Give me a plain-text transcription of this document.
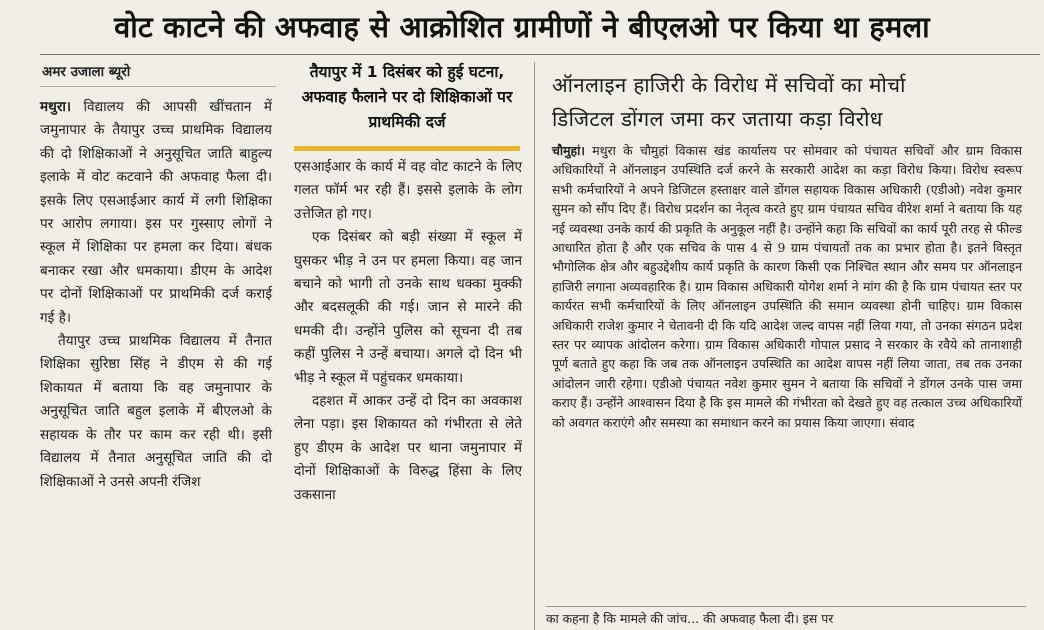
वोट काटने की अफवाह से आक्रोशित ग्रामीणों ने बीएलओ पर किया था हमला
अमर उजाला ब्यूरो

मथुरा। विद्यालय की आपसी खींचतान में जमुनापार के तैयापुर उच्च प्राथमिक विद्यालय की दो शिक्षिकाओं ने अनुसूचित जाति बाहुल्य इलाके में वोट कटवाने की अफवाह फैला दी। इसके लिए एसआईआर कार्य में लगी शिक्षिका पर आरोप लगाया। इस पर गुस्साए लोगों ने स्कूल में शिक्षिका पर हमला कर दिया। बंधक बनाकर रखा और धमकाया। डीएम के आदेश पर दोनों शिक्षिकाओं पर प्राथमिकी दर्ज कराई गई है।

तैयापुर उच्च प्राथमिक विद्यालय में तैनात शिक्षिका सुरिष्ठा सिंह ने डीएम से की गई शिकायत में बताया कि वह जमुनापार के अनुसूचित जाति बहुल इलाके में बीएलओ के सहायक के तौर पर काम कर रही थी। इसी विद्यालय में तैनात अनुसूचित जाति की दो शिक्षिकाओं ने उनसे अपनी रंजिश

तैयापुर में 1 दिसंबर को हुई घटना, अफवाह फैलाने पर दो शिक्षिकाओं पर प्राथमिकी दर्ज

एसआईआर के कार्य में वह वोट काटने के लिए गलत फॉर्म भर रही हैं। इससे इलाके के लोग उत्तेजित हो गए।

एक दिसंबर को बड़ी संख्या में स्कूल में घुसकर भीड़ ने उन पर हमला किया। वह जान बचाने को भागी तो उनके साथ धक्का मुक्की और बदसलूकी की गई। जान से मारने की धमकी दी। उन्होंने पुलिस को सूचना दी तब कहीं पुलिस ने उन्हें बचाया। अगले दो दिन भी भीड़ ने स्कूल में पहुंचकर धमकाया।

दहशत में आकर उन्हें दो दिन का अवकाश लेना पड़ा। इस शिकायत को गंभीरता से लेते हुए डीएम के आदेश पर थाना जमुनापार में दोनों शिक्षिकाओं के विरुद्ध हिंसा के लिए उकसाना

ऑनलाइन हाजिरी के विरोध में सचिवों का मोर्चा
डिजिटल डोंगल जमा कर जताया कड़ा विरोध

चौमुहां। मथुरा के चौमुहां विकास खंड कार्यालय पर सोमवार को पंचायत सचिवों और ग्राम विकास अधिकारियों ने ऑनलाइन उपस्थिति दर्ज करने के सरकारी आदेश का कड़ा विरोध किया। विरोध स्वरूप सभी कर्मचारियों ने अपने डिजिटल हस्ताक्षर वाले डोंगल सहायक विकास अधिकारी (एडीओ) नवेश कुमार सुमन को सौंप दिए हैं। विरोध प्रदर्शन का नेतृत्व करते हुए ग्राम पंचायत सचिव वीरेश शर्मा ने बताया कि यह नई व्यवस्था उनके कार्य की प्रकृति के अनुकूल नहीं है। उन्होंने कहा कि सचिवों का कार्य पूरी तरह से फील्ड आधारित होता है और एक सचिव के पास 4 से 9 ग्राम पंचायतों तक का प्रभार होता है। इतने विस्तृत भौगोलिक क्षेत्र और बहुउद्देशीय कार्य प्रकृति के कारण किसी एक निश्चित स्थान और समय पर ऑनलाइन हाजिरी लगाना अव्यवहारिक है। ग्राम विकास अधिकारी योगेश शर्मा ने मांग की है कि ग्राम पंचायत स्तर पर कार्यरत सभी कर्मचारियों के लिए ऑनलाइन उपस्थिति की समान व्यवस्था होनी चाहिए। ग्राम विकास अधिकारी राजेश कुमार ने चेतावनी दी कि यदि आदेश जल्द वापस नहीं लिया गया, तो उनका संगठन प्रदेश स्तर पर व्यापक आंदोलन करेगा। ग्राम विकास अधिकारी गोपाल प्रसाद ने सरकार के रवैये को तानाशाही पूर्ण बताते हुए कहा कि जब तक ऑनलाइन उपस्थिति का आदेश वापस नहीं लिया जाता, तब तक उनका आंदोलन जारी रहेगा। एडीओ पंचायत नवेश कुमार सुमन ने बताया कि सचिवों ने डोंगल उनके पास जमा कराए हैं। उन्होंने आश्वासन दिया है कि इस मामले की गंभीरता को देखते हुए वह तत्काल उच्च अधिकारियों को अवगत कराएंगे और समस्या का समाधान करने का प्रयास किया जाएगा। संवाद

का कहना है कि मामले की जांच... की अफवाह फैला दी। इस पर
